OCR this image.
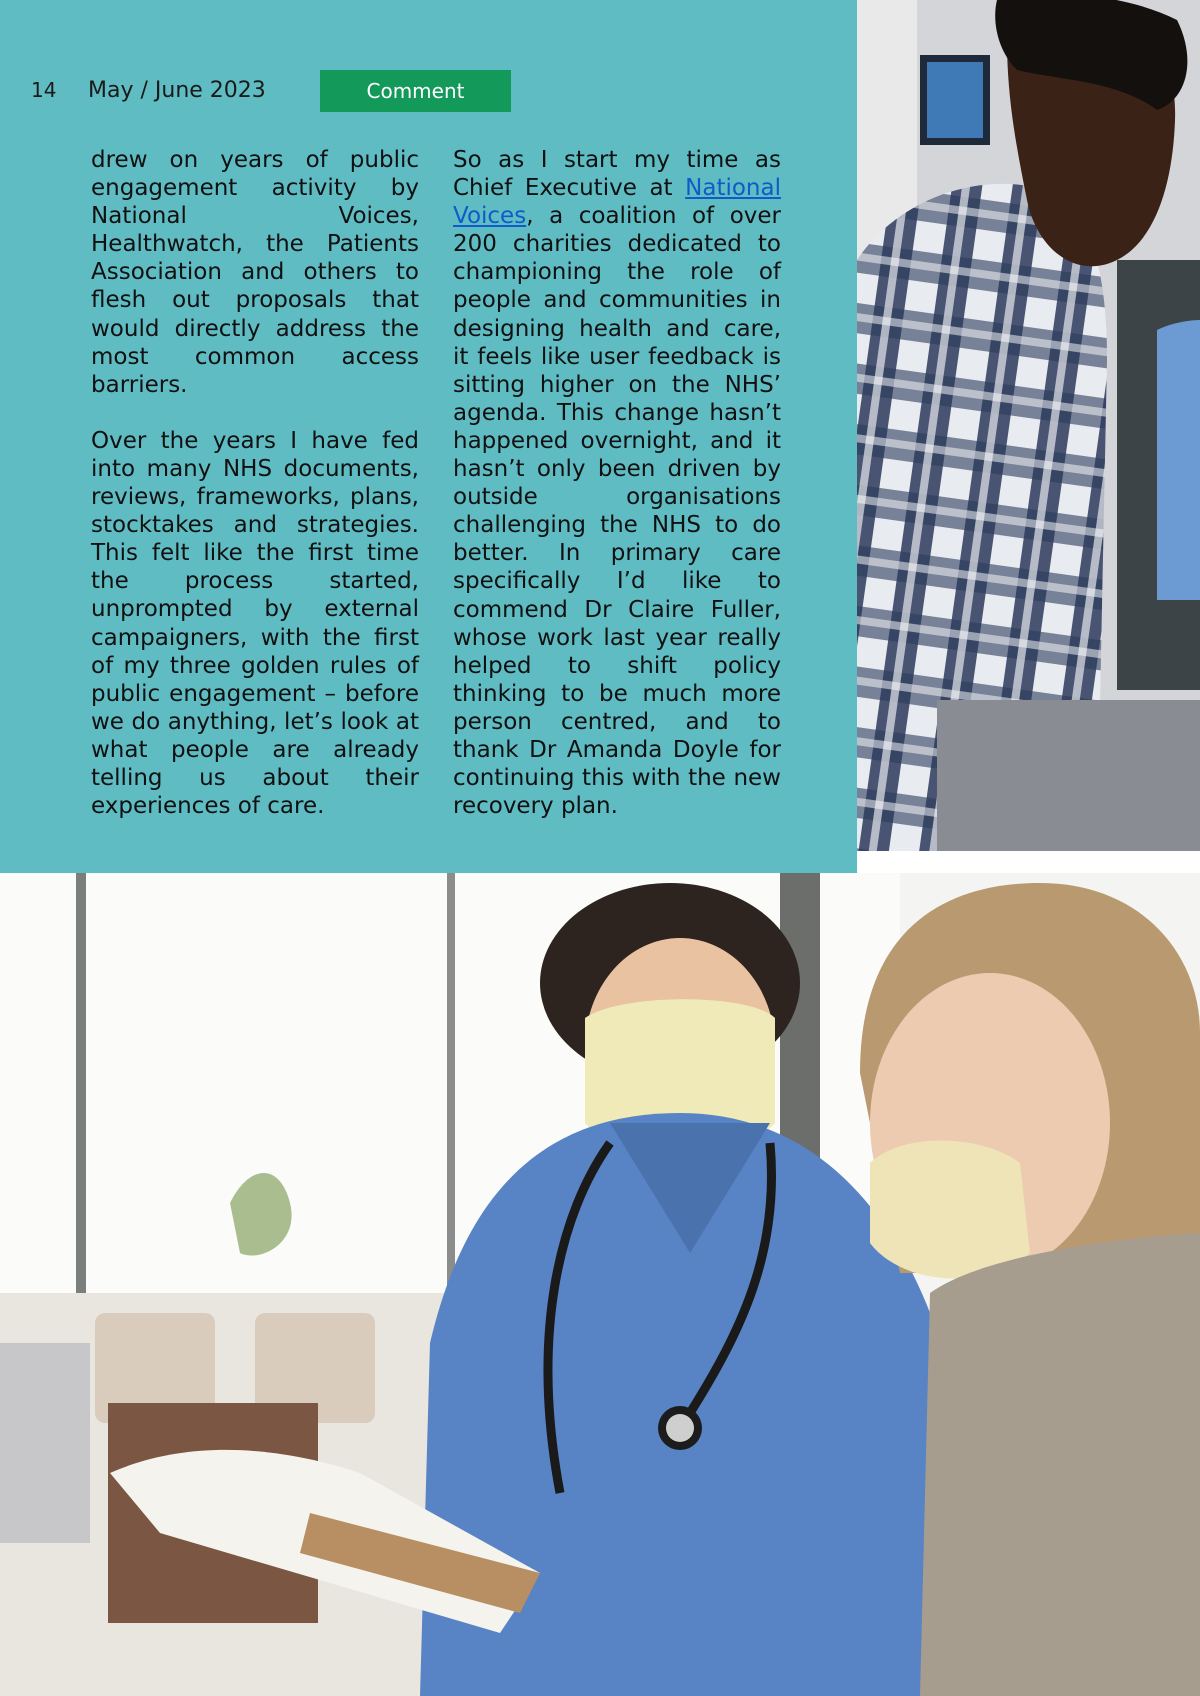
14 May / June 2023	Comment

drew on years of public engagement activity by National Voices, Healthwatch, the Patients Association and others to flesh out proposals that would directly address the most common access barriers.

Over the years I have fed into many NHS documents, reviews, frameworks, plans, stocktakes and strategies. This felt like the first time the process started, unprompted by external campaigners, with the first of my three golden rules of public engagement – before we do anything, let’s look at what people are already telling us about their experiences of care.

So as I start my time as Chief Executive at National Voices, a coalition of over 200 charities dedicated to championing the role of people and communities in designing health and care, it feels like user feedback is sitting higher on the NHS’ agenda. This change hasn’t happened overnight, and it hasn’t only been driven by outside organisations challenging the NHS to do better. In primary care specifically I’d like to commend Dr Claire Fuller, whose work last year really helped to shift policy thinking to be much more person centred, and to thank Dr Amanda Doyle for continuing this with the new recovery plan.
